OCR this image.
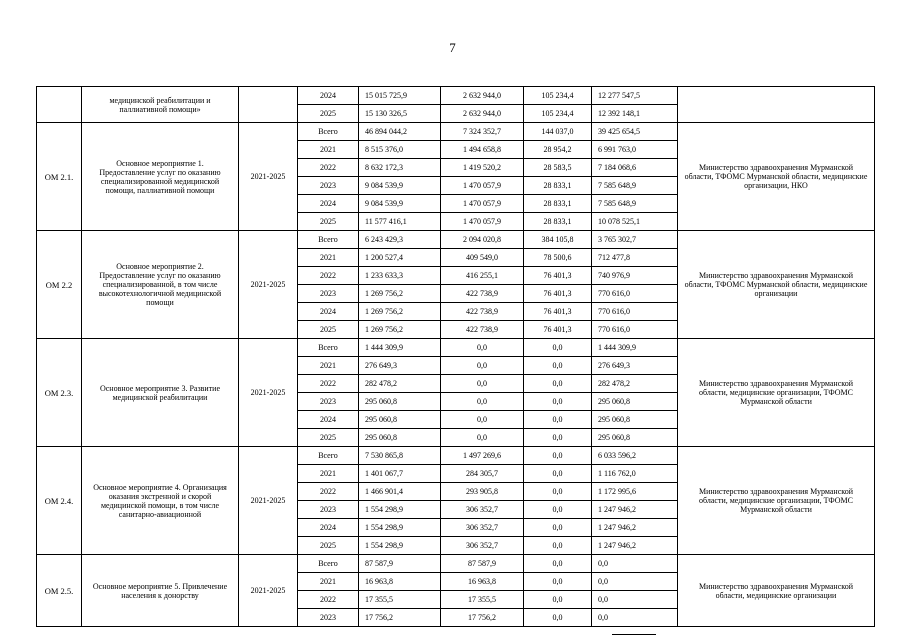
7
	медицинской реабилитации и паллиативной помощи»		2024	15 015 725,9	2 632 944,0	105 234,4	12 277 547,5	
			2025	15 130 326,5	2 632 944,0	105 234,4	12 392 148,1	
ОМ 2.1.	Основное мероприятие 1. Предоставление услуг по оказанию специализированной медицинской помощи, паллиативной помощи	2021-2025	Всего	46 894 044,2	7 324 352,7	144 037,0	39 425 654,5	Министерство здравоохранения Мурманской области, ТФОМС Мурманской области, медицинские организации, НКО
			2021	8 515 376,0	1 494 658,8	28 954,2	6 991 763,0	
			2022	8 632 172,3	1 419 520,2	28 583,5	7 184 068,6	
			2023	9 084 539,9	1 470 057,9	28 833,1	7 585 648,9	
			2024	9 084 539,9	1 470 057,9	28 833,1	7 585 648,9	
			2025	11 577 416,1	1 470 057,9	28 833,1	10 078 525,1	
ОМ 2.2	Основное мероприятие 2. Предоставление услуг по оказанию специализированной, в том числе высокотехнологичной медицинской помощи	2021-2025	Всего	6 243 429,3	2 094 020,8	384 105,8	3 765 302,7	Министерство здравоохранения Мурманской области, ТФОМС Мурманской области, медицинские организации
			2021	1 200 527,4	409 549,0	78 500,6	712 477,8	
			2022	1 233 633,3	416 255,1	76 401,3	740 976,9	
			2023	1 269 756,2	422 738,9	76 401,3	770 616,0	
			2024	1 269 756,2	422 738,9	76 401,3	770 616,0	
			2025	1 269 756,2	422 738,9	76 401,3	770 616,0	
ОМ 2.3.	Основное мероприятие 3. Развитие медицинской реабилитации	2021-2025	Всего	1 444 309,9	0,0	0,0	1 444 309,9	Министерство здравоохранения Мурманской области, медицинские организации, ТФОМС Мурманской области
			2021	276 649,3	0,0	0,0	276 649,3	
			2022	282 478,2	0,0	0,0	282 478,2	
			2023	295 060,8	0,0	0,0	295 060,8	
			2024	295 060,8	0,0	0,0	295 060,8	
			2025	295 060,8	0,0	0,0	295 060,8	
ОМ 2.4.	Основное мероприятие 4. Организация оказания экстренной и скорой медицинской помощи, в том числе санитарно-авиационной	2021-2025	Всего	7 530 865,8	1 497 269,6	0,0	6 033 596,2	Министерство здравоохранения Мурманской области, медицинские организации, ТФОМС Мурманской области
			2021	1 401 067,7	284 305,7	0,0	1 116 762,0	
			2022	1 466 901,4	293 905,8	0,0	1 172 995,6	
			2023	1 554 298,9	306 352,7	0,0	1 247 946,2	
			2024	1 554 298,9	306 352,7	0,0	1 247 946,2	
			2025	1 554 298,9	306 352,7	0,0	1 247 946,2	
ОМ 2.5.	Основное мероприятие 5. Привлечение населения к донорству	2021-2025	Всего	87 587,9	87 587,9	0,0	0,0	Министерство здравоохранения Мурманской области, медицинские организации
			2021	16 963,8	16 963,8	0,0	0,0	
			2022	17 355,5	17 355,5	0,0	0,0	
			2023	17 756,2	17 756,2	0,0	0,0	
